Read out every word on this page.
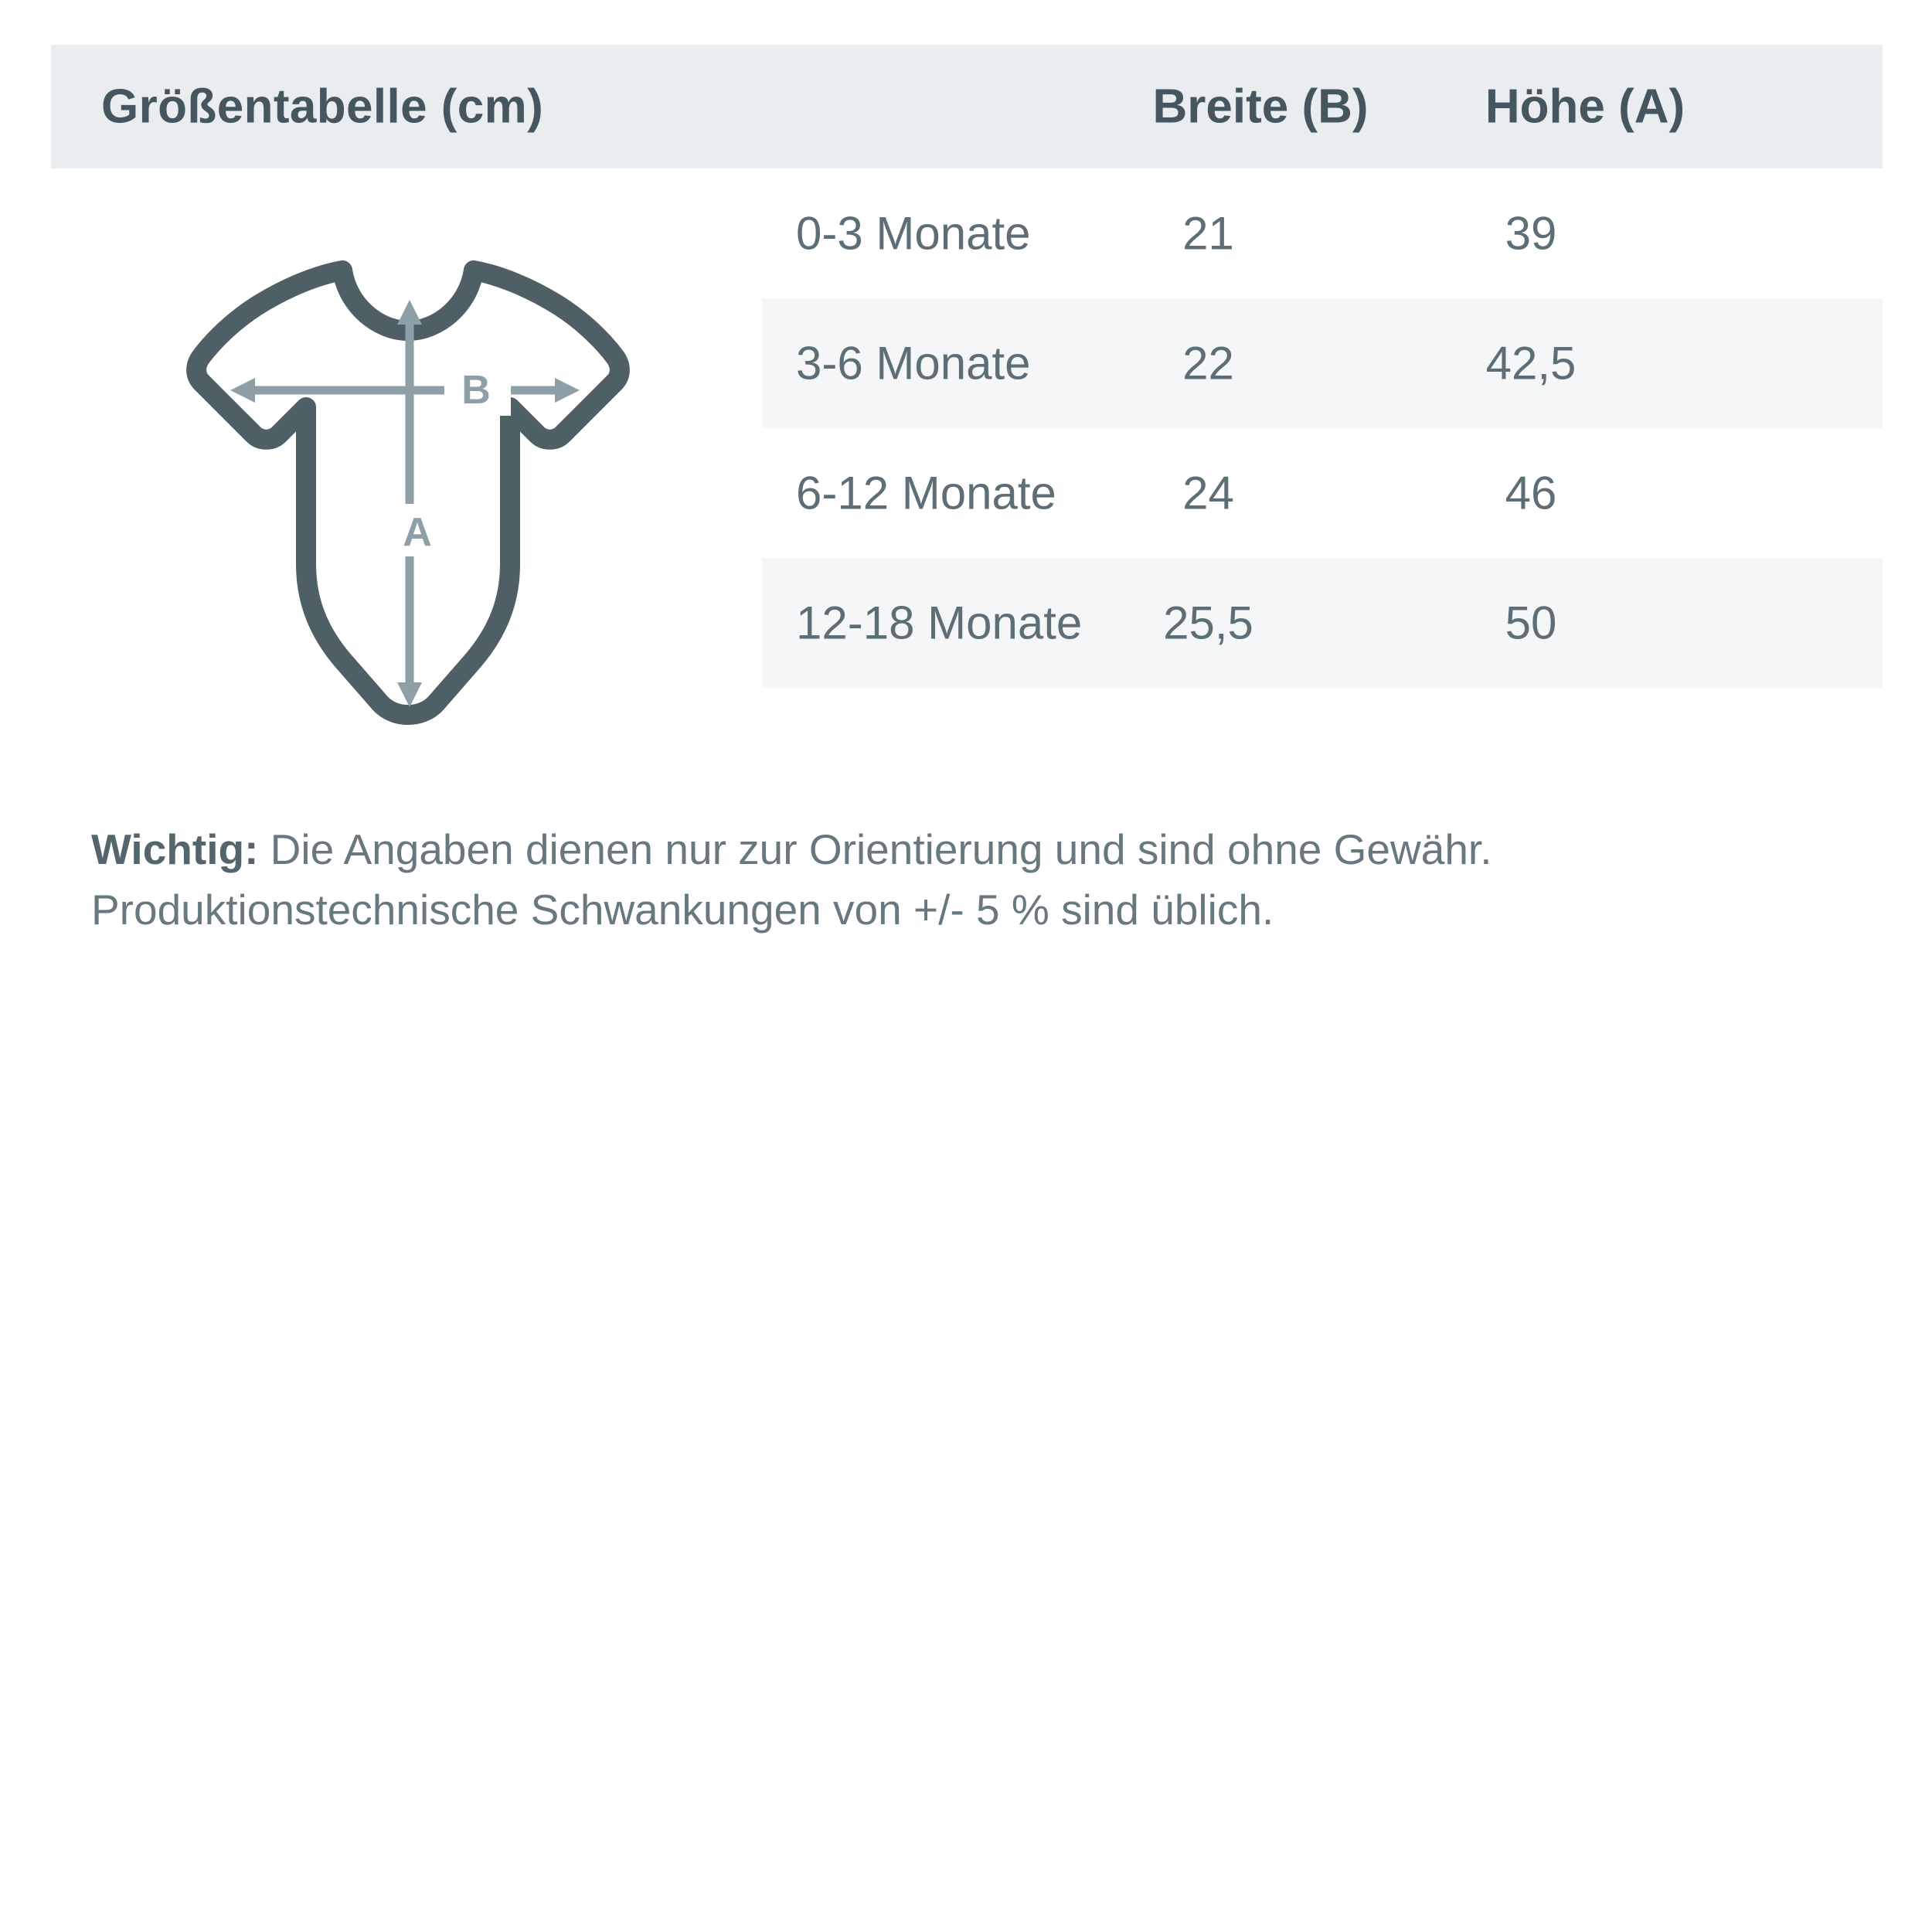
Größentabelle (cm)	Breite (B)	Höhe (A)
B
A
0-3 Monate	21	39
3-6 Monate	22	42,5
6-12 Monate	24	46
12-18 Monate	25,5	50
Wichtig: Die Angaben dienen nur zur Orientierung und sind ohne Gewähr. Produktionstechnische Schwankungen von +/- 5 % sind üblich.
